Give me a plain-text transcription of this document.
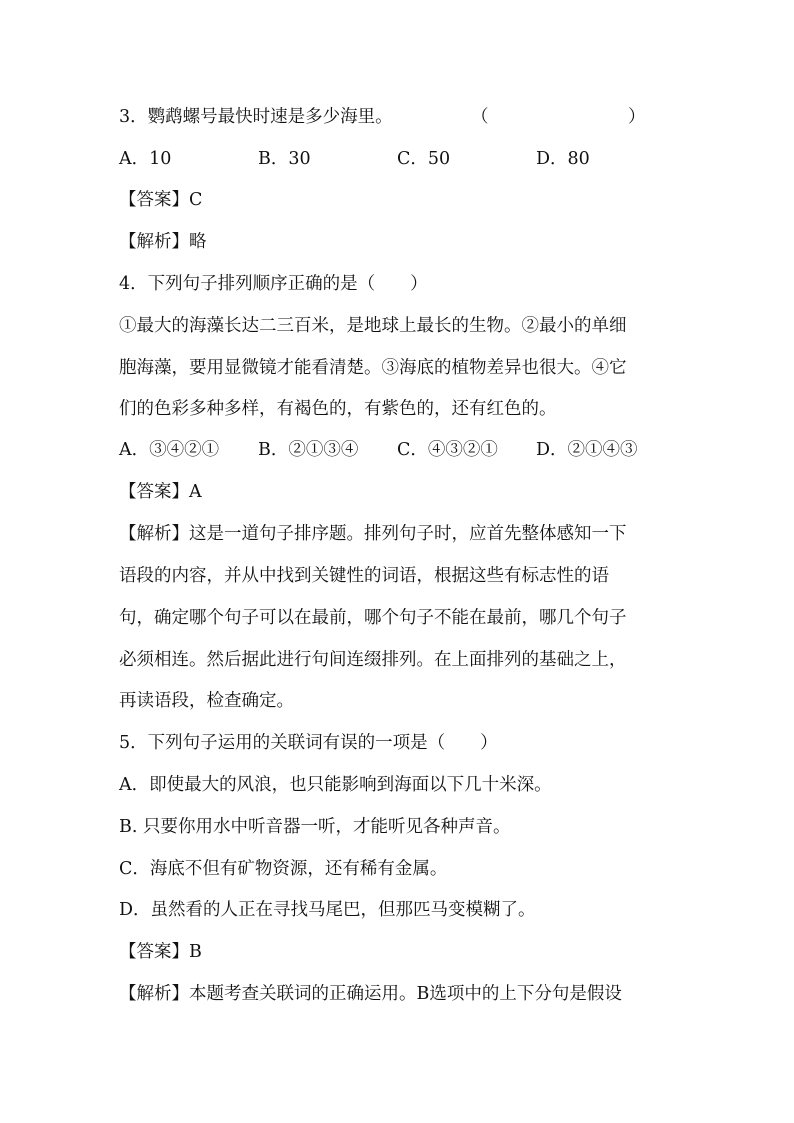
3．鹦鹉螺号最快时速是多少海里。	（	）
A．10	B．30	C．50	D．80
【答案】C
【解析】略
4．下列句子排列顺序正确的是（　　）
①最大的海藻长达二三百米，是地球上最长的生物。②最小的单细
胞海藻，要用显微镜才能看清楚。③海底的植物差异也很大。④它
们的色彩多种多样，有褐色的，有紫色的，还有红色的。
A．③④②① B．②①③④ C．④③②① D．②①④③
【答案】A
【解析】这是一道句子排序题。排列句子时，应首先整体感知一下
语段的内容，并从中找到关键性的词语，根据这些有标志性的语
句，确定哪个句子可以在最前，哪个句子不能在最前，哪几个句子
必须相连。然后据此进行句间连缀排列。在上面排列的基础之上，
再读语段，检查确定。
5．下列句子运用的关联词有误的一项是（　　）
A．即使最大的风浪，也只能影响到海面以下几十米深。
B. 只要你用水中听音器一听，才能听见各种声音。
C．海底不但有矿物资源，还有稀有金属。
D．虽然看的人正在寻找马尾巴，但那匹马变模糊了。
【答案】B
【解析】本题考查关联词的正确运用。B选项中的上下分句是假设
